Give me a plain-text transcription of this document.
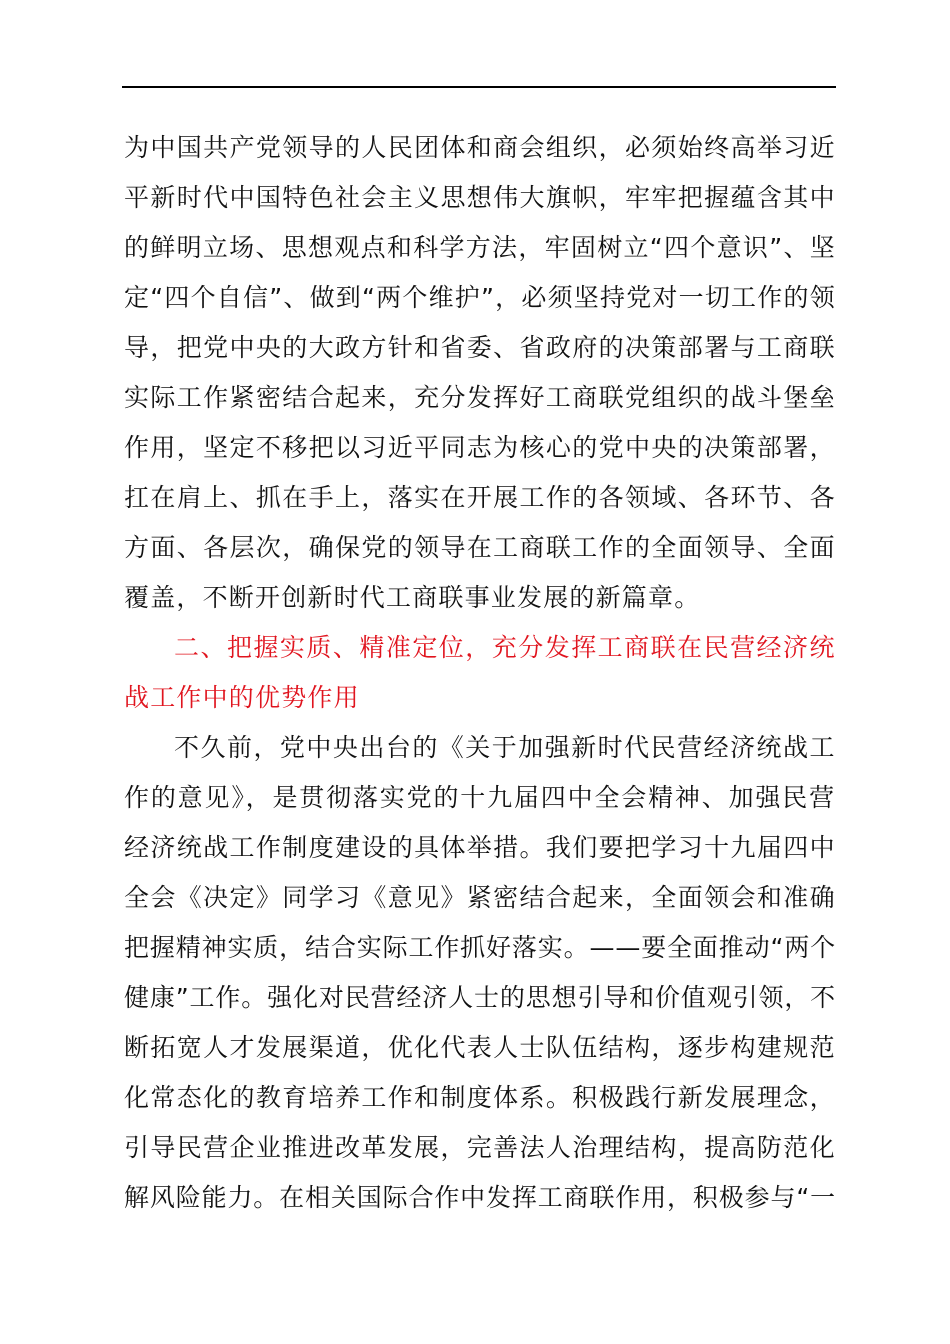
为中国共产党领导的人民团体和商会组织，必须始终高举习近
平新时代中国特色社会主义思想伟大旗帜，牢牢把握蕴含其中
的鲜明立场、思想观点和科学方法，牢固树立“四个意识”、坚
定“四个自信”、做到“两个维护”，必须坚持党对一切工作的领
导，把党中央的大政方针和省委、省政府的决策部署与工商联
实际工作紧密结合起来，充分发挥好工商联党组织的战斗堡垒
作用，坚定不移把以习近平同志为核心的党中央的决策部署，
扛在肩上、抓在手上，落实在开展工作的各领域、各环节、各
方面、各层次，确保党的领导在工商联工作的全面领导、全面
覆盖，不断开创新时代工商联事业发展的新篇章。
二、把握实质、精准定位，充分发挥工商联在民营经济统
战工作中的优势作用
不久前，党中央出台的《关于加强新时代民营经济统战工
作的意见》，是贯彻落实党的十九届四中全会精神、加强民营
经济统战工作制度建设的具体举措。我们要把学习十九届四中
全会《决定》同学习《意见》紧密结合起来，全面领会和准确
把握精神实质，结合实际工作抓好落实。——要全面推动“两个
健康”工作。强化对民营经济人士的思想引导和价值观引领，不
断拓宽人才发展渠道，优化代表人士队伍结构，逐步构建规范
化常态化的教育培养工作和制度体系。积极践行新发展理念，
引导民营企业推进改革发展，完善法人治理结构，提高防范化
解风险能力。在相关国际合作中发挥工商联作用，积极参与“一
